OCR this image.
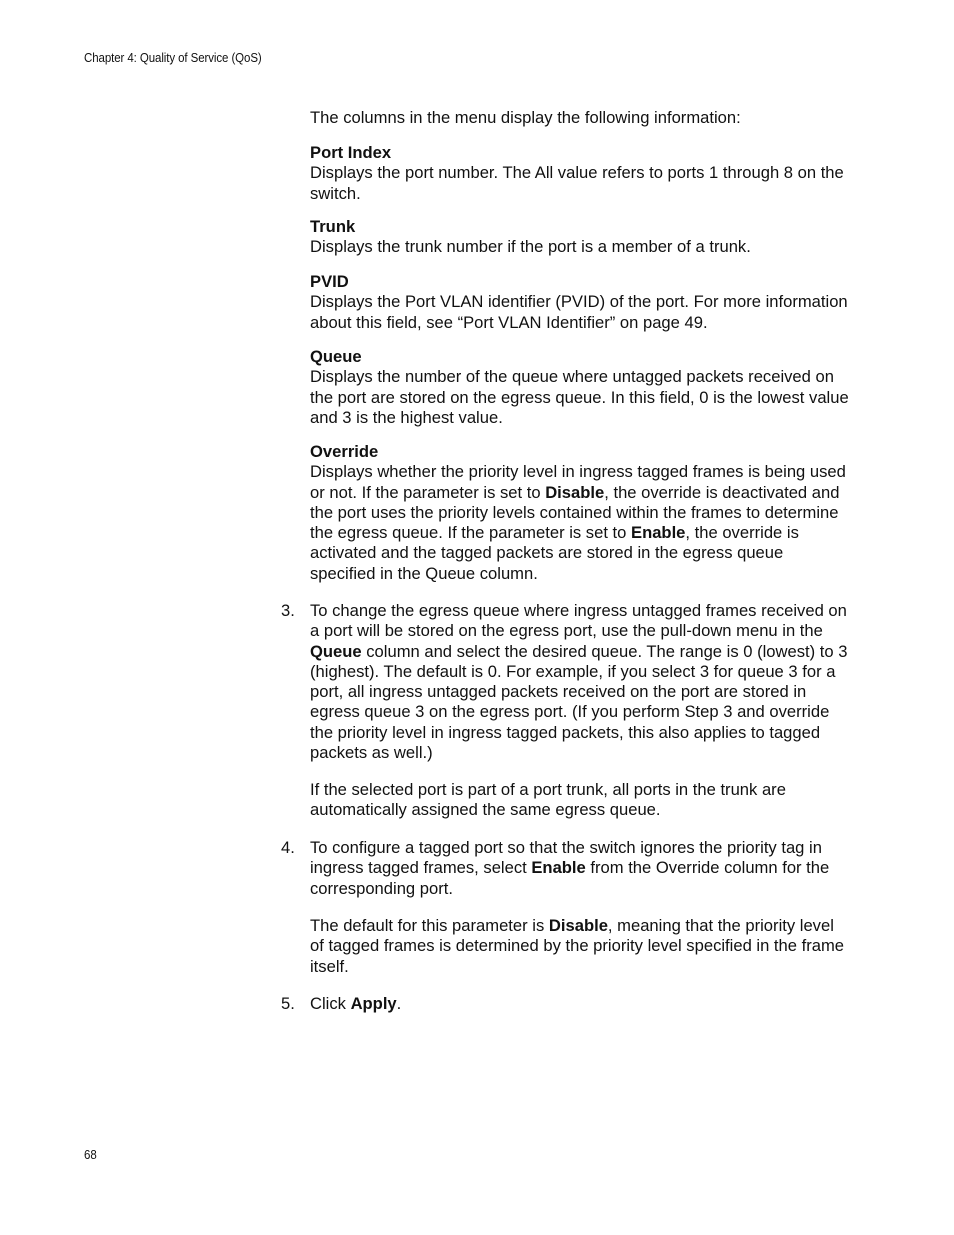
Chapter 4: Quality of Service (QoS)
The columns in the menu display the following information:
Port Index
Displays the port number. The All value refers to ports 1 through 8 on the switch.
Trunk
Displays the trunk number if the port is a member of a trunk.
PVID
Displays the Port VLAN identifier (PVID) of the port. For more information about this field, see “Port VLAN Identifier” on page 49.
Queue
Displays the number of the queue where untagged packets received on the port are stored on the egress queue. In this field, 0 is the lowest value and 3 is the highest value.
Override
Displays whether the priority level in ingress tagged frames is being used or not. If the parameter is set to Disable, the override is deactivated and the port uses the priority levels contained within the frames to determine the egress queue. If the parameter is set to Enable, the override is activated and the tagged packets are stored in the egress queue specified in the Queue column.
3. To change the egress queue where ingress untagged frames received on a port will be stored on the egress port, use the pull-down menu in the Queue column and select the desired queue. The range is 0 (lowest) to 3 (highest). The default is 0. For example, if you select 3 for queue 3 for a port, all ingress untagged packets received on the port are stored in egress queue 3 on the egress port. (If you perform Step 3 and override the priority level in ingress tagged packets, this also applies to tagged packets as well.)
If the selected port is part of a port trunk, all ports in the trunk are automatically assigned the same egress queue.
4. To configure a tagged port so that the switch ignores the priority tag in ingress tagged frames, select Enable from the Override column for the corresponding port.
The default for this parameter is Disable, meaning that the priority level of tagged frames is determined by the priority level specified in the frame itself.
5. Click Apply.
68
